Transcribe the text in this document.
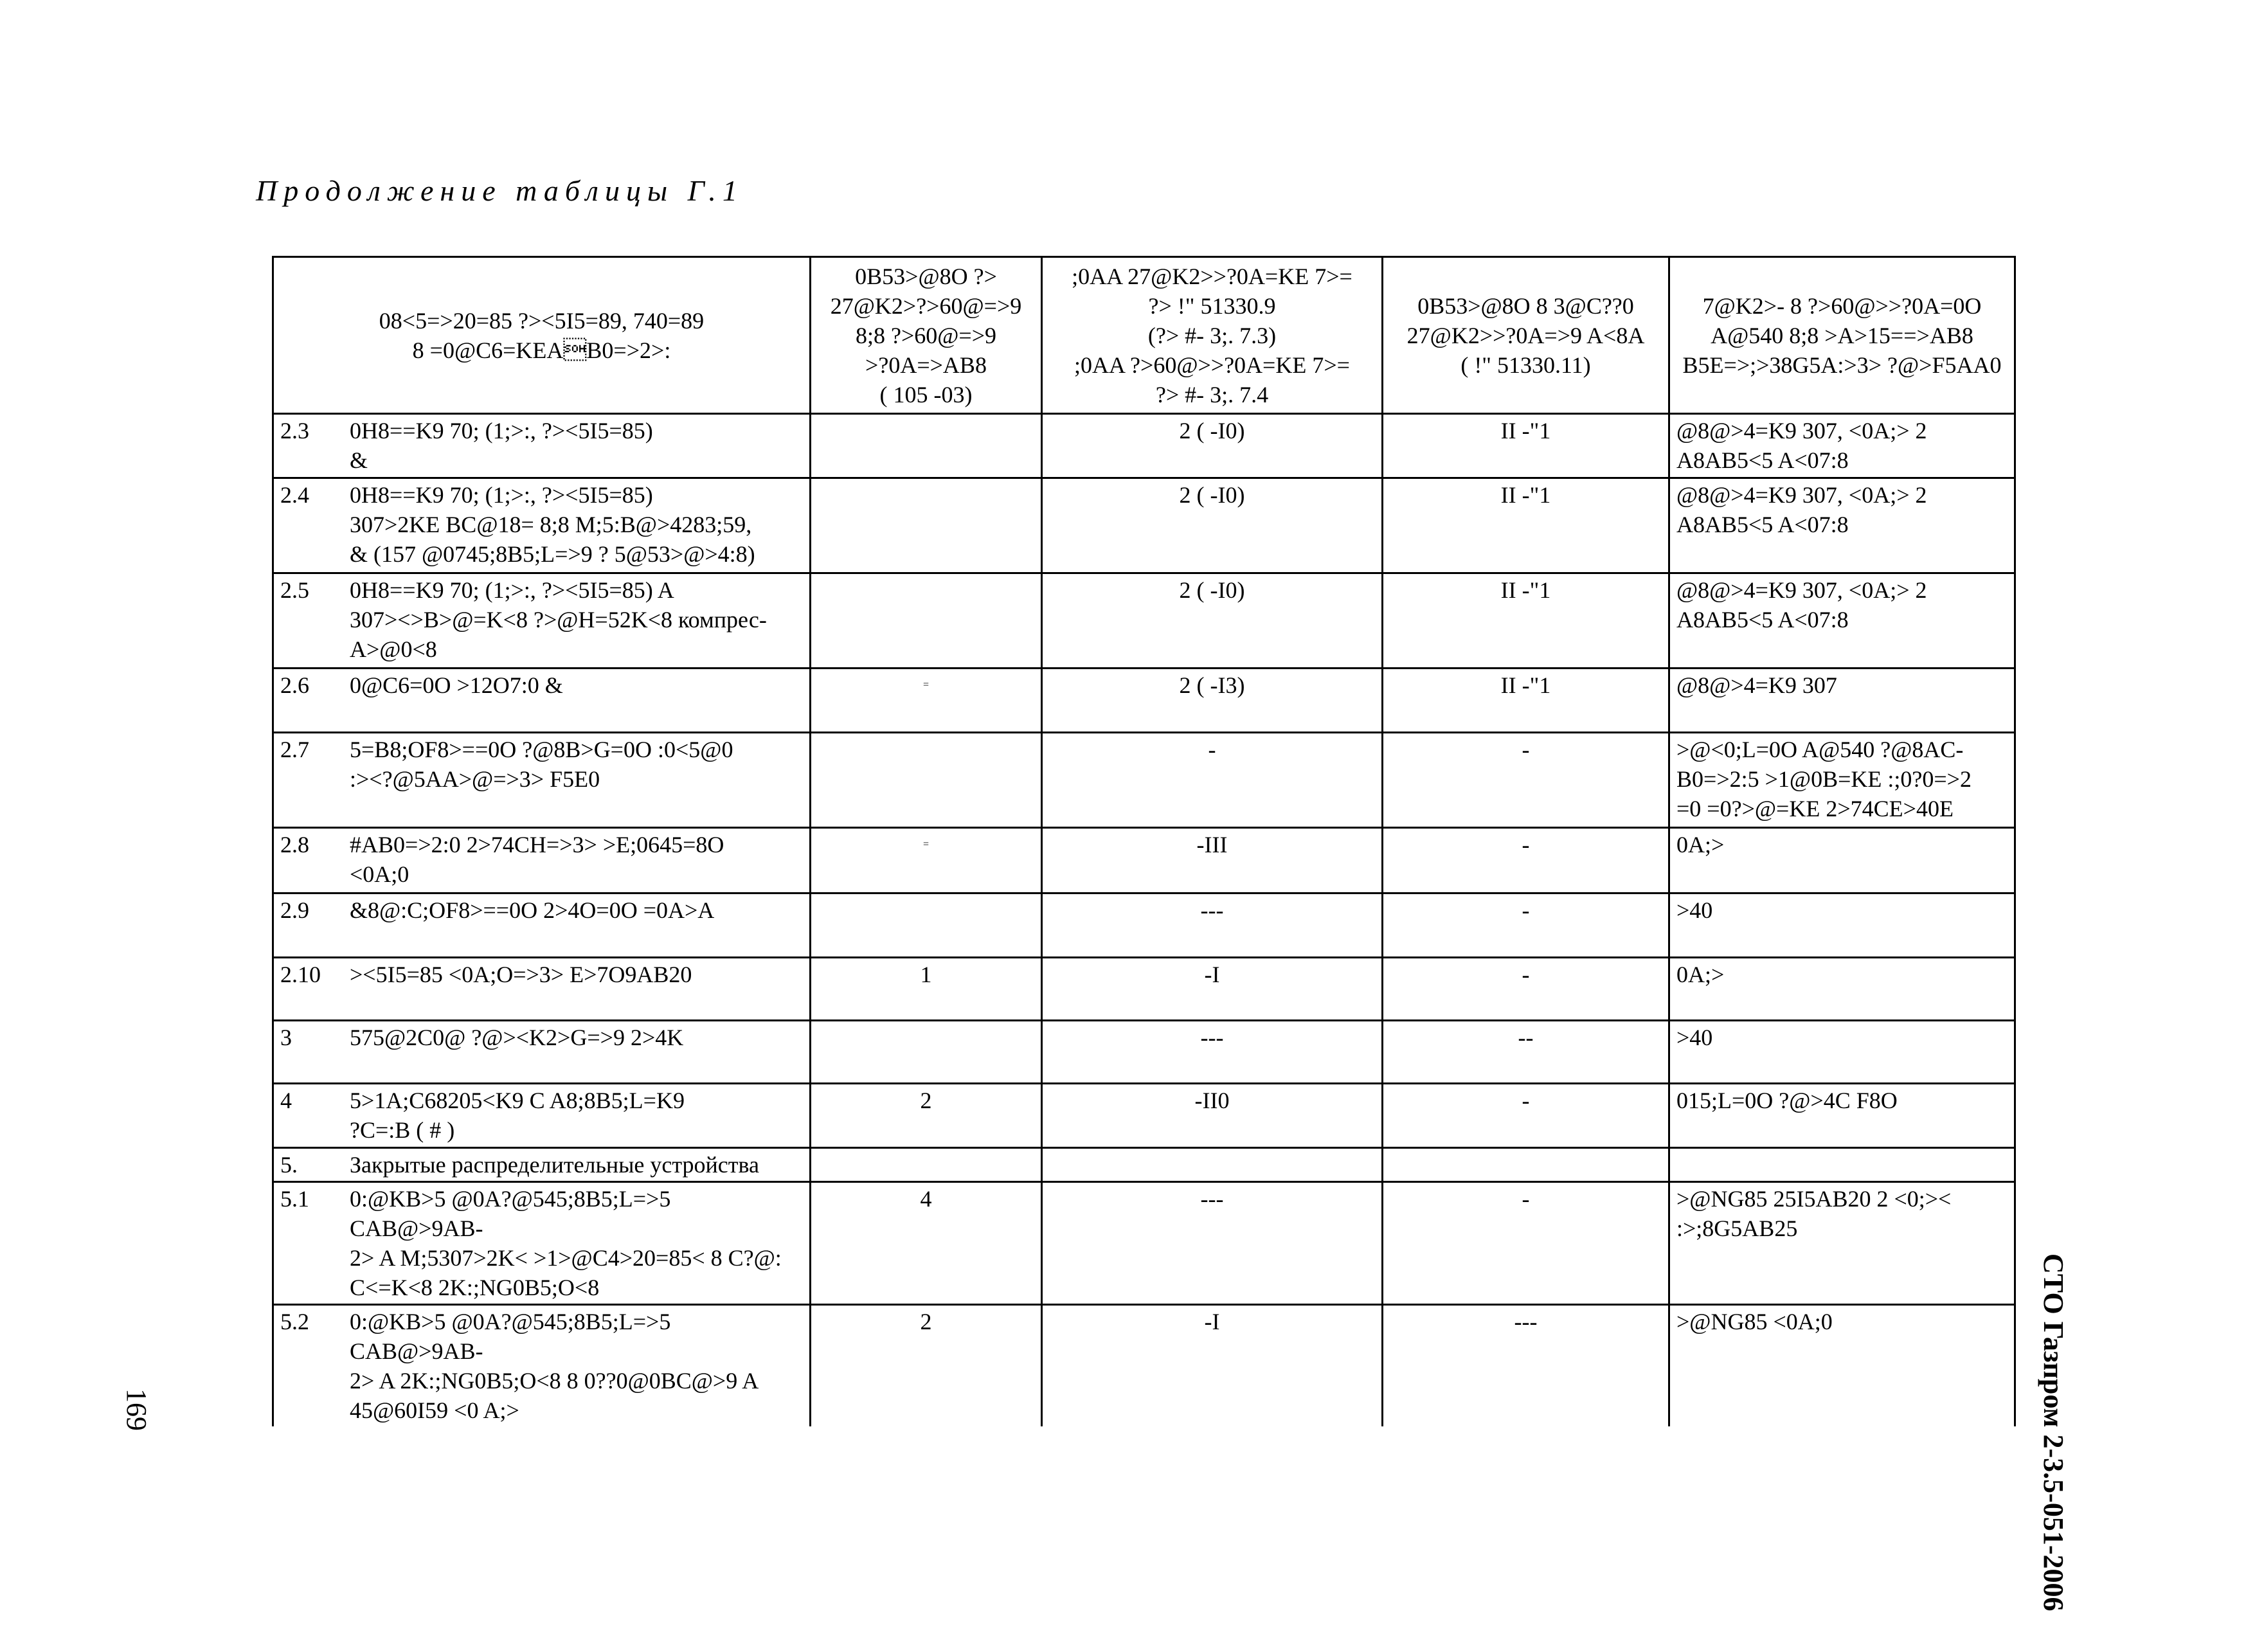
Продолжение таблицы Г.1
08<5=>20=85 ?><5I5=89, 740=89
8 =0@C6=KEAB0=>2>:	0B53>@8O ?>
27@K2>?>60@=>9
8;8 ?>60@=>9
>?0A=>AB8
( 105 -03)	;0AA 27@K2>>?0A=KE 7>=
?> !" 51330.9
(?> #- 3;. 7.3)
;0AA ?>60@>>?0A=KE 7>=
?> #- 3;. 7.4	0B53>@8O 8 3@C??0
27@K2>>?0A=>9 A<8A
( !" 51330.11)	7@K2>- 8 ?>60@>>?0A=0O
A@540 8;8 >A>15==>AB8
B5E=>;>38G5A:>3> ?@>F5AA0
2.3 0H8==K9 70; (1;>:, ?><5I5=85)
&		2 ( -I0)	II -"1	@8@>4=K9 307, <0A;> 2
A8AB5<5 A<07:8
2.4 0H8==K9 70; (1;>:, ?><5I5=85)
307>2KE BC@18= 8;8 M;5:B@>4283;59,
& (157 @0745;8B5;L=>9 ? 5@53>@>4:8)		2 ( -I0)	II -"1	@8@>4=K9 307, <0A;> 2
A8AB5<5 A<07:8
2.5 0H8==K9 70; (1;>:, ?><5I5=85) A
307><>B>@=K<8 ?>@H=52K<8 компрес-
A>@0<8		2 ( -I0)	II -"1	@8@>4=K9 307, <0A;> 2
A8AB5<5 A<07:8
2.6 0@C6=0O >12O7:0 &	=	2 ( -I3)	II -"1	@8@>4=K9 307
2.7 5=B8;OF8>==0O ?@8B>G=0O :0<5@0
:><?@5AA>@=>3> F5E0		-	-	>@<0;L=0O A@540 ?@8AC-
B0=>2:5 >1@0B=KE :;0?0=>2
=0 =0?>@=KE 2>74CE>40E
2.8 #AB0=>2:0 2>74CH=>3> >E;0645=8O
<0A;0	=	-III	-	0A;>
2.9 &8@:C;OF8>==0O 2>4O=0O =0A>A		---	-	>40
2.10 ><5I5=85 <0A;O=>3> E>7O9AB20	1	-I	-	0A;>
3 575@2C0@ ?@><K2>G=>9 2>4K		---	--	>40
4 5>1A;C68205<K9 C A8;8B5;L=K9
?C=:B ( # )	2	-II0	-	015;L=0O ?@>4C F8O
5. Закрытые распределительные устройства				
5.1 0:@KB>5 @0A?@545;8B5;L=>5 CAB@>9AB-
2> A M;5307>2K< >1>@C4>20=85< 8 C?@:
C<=K<8 2K:;NG0B5;O<8	4	---	-	>@NG85 25I5AB20 2 <0;><
:>;8G5AB25
5.2 0:@KB>5 @0A?@545;8B5;L=>5 CAB@>9AB-
2> A 2K:;NG0B5;O<8 8 0??0@0BC@>9 A
45@60I59 <0 A;>	2	-I	---	>@NG85 <0A;0	СТО Газпром 2-3.5-051-2006
169
